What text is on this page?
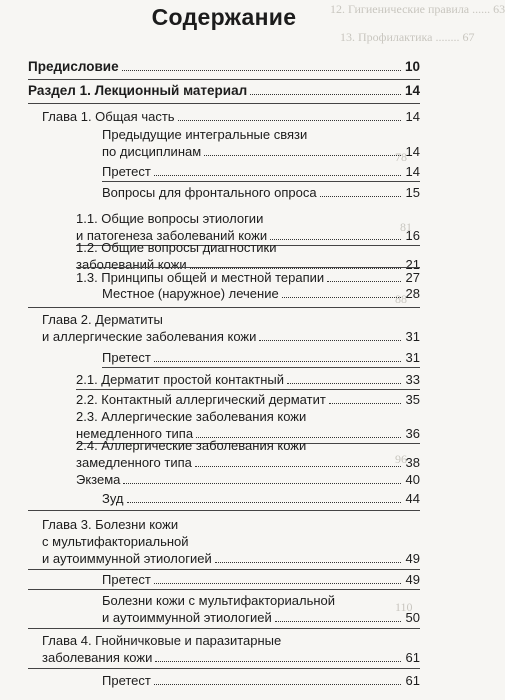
12. Гигиенические правила ...... 63
13. Профилактика ........ 67
78
81
88
96
110
Содержание
Предисловие	10
Раздел 1. Лекционный материал	14
Глава 1. Общая часть	14
Предыдущие интегральные связи
по дисциплинам	14
Претест	14
Вопросы для фронтального опроса	15
1.1. Общие вопросы этиологии
и патогенеза заболеваний кожи	16
1.2. Общие вопросы диагностики
заболеваний кожи	21
1.3. Принципы общей и местной терапии	27
Местное (наружное) лечение	28
Глава 2. Дерматиты
и аллергические заболевания кожи	31
Претест	31
2.1. Дерматит простой контактный	33
2.2. Контактный аллергический дерматит	35
2.3. Аллергические заболевания кожи
немедленного типа	36
2.4. Аллергические заболевания кожи
замедленного типа	38
Экзема	40
Зуд	44
Глава 3. Болезни кожи
с мультифакториальной
и аутоиммунной этиологией	49
Претест	49
Болезни кожи с мультифакториальной
и аутоиммунной этиологией	50
Глава 4. Гнойничковые и паразитарные
заболевания кожи	61
Претест	61
